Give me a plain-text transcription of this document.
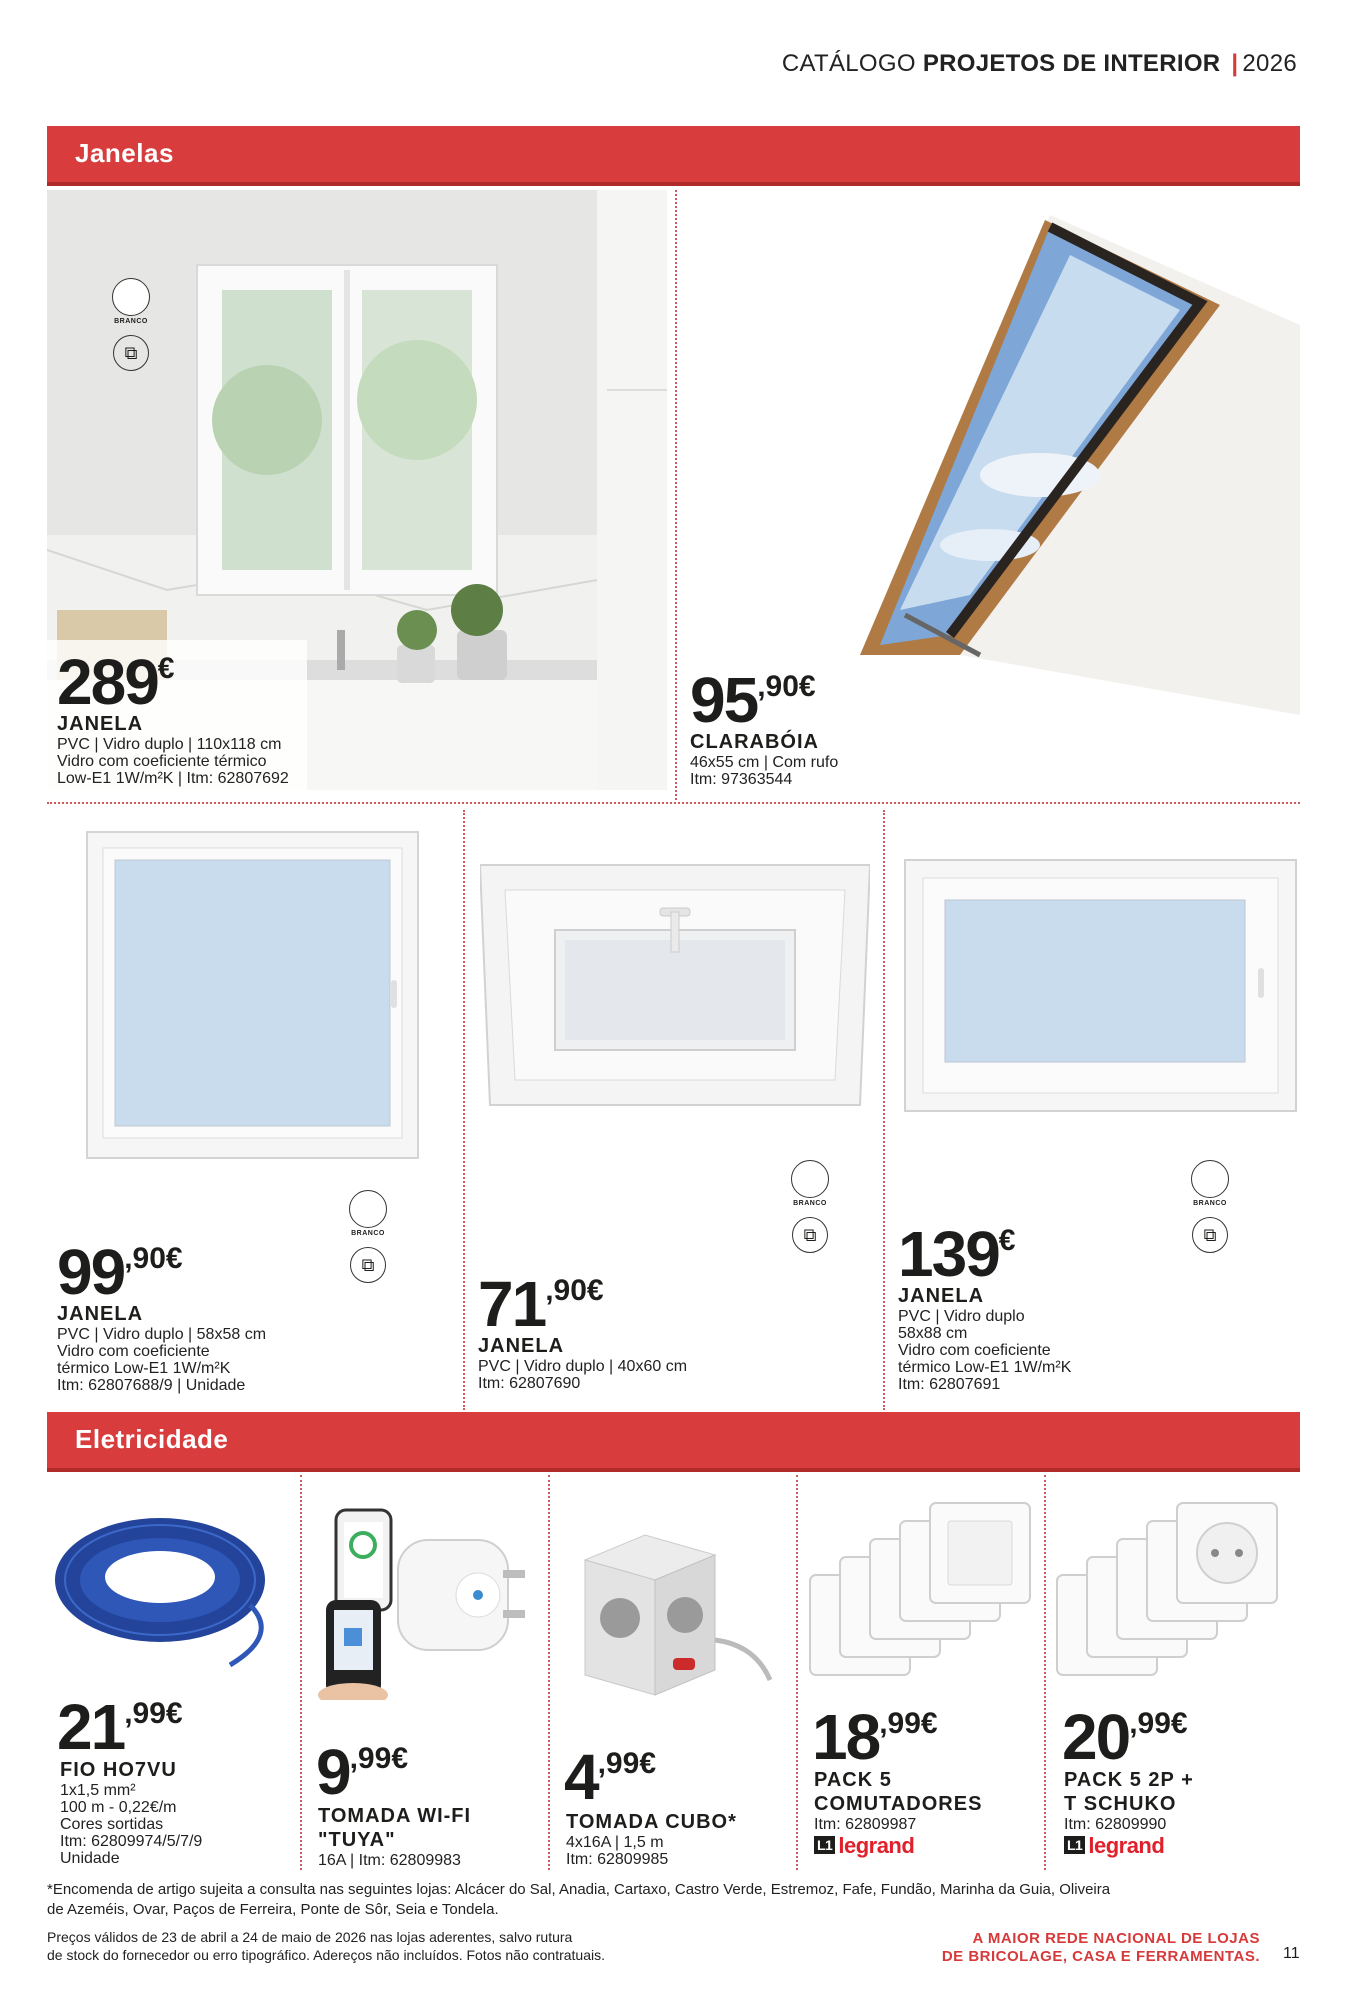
CATÁLOGO PROJETOS DE INTERIOR | 2026
Janelas
BRANCO
⧉
289€
JANELA
PVC | Vidro duplo | 110x118 cm
Vidro com coeficiente térmico
Low-E1 1W/m²K | Itm: 62807692
95,90€
CLARABÓIA
46x55 cm | Com rufo
Itm: 97363544
BRANCO
⧉
99,90€
JANELA
PVC | Vidro duplo | 58x58 cm
Vidro com coeficiente
térmico Low-E1 1W/m²K
Itm: 62807688/9 | Unidade
BRANCO
⧉
71,90€
JANELA
PVC | Vidro duplo | 40x60 cm
Itm: 62807690
BRANCO
⧉
139€
JANELA
PVC | Vidro duplo
58x88 cm
Vidro com coeficiente
térmico Low-E1 1W/m²K
Itm: 62807691
Eletricidade
21,99€
FIO HO7VU
1x1,5 mm²
100 m - 0,22€/m
Cores sortidas
Itm: 62809974/5/7/9
Unidade
9,99€
TOMADA WI-FI
"TUYA"
16A | Itm: 62809983
4,99€
TOMADA CUBO*
4x16A | 1,5 m
Itm: 62809985
18,99€
PACK 5
COMUTADORES
Itm: 62809987
L1 legrand
20,99€
PACK 5 2P +
T SCHUKO
Itm: 62809990
L1 legrand
*Encomenda de artigo sujeita a consulta nas seguintes lojas: Alcácer do Sal, Anadia, Cartaxo, Castro Verde, Estremoz, Fafe, Fundão, Marinha da Guia, Oliveira
de Azeméis, Ovar, Paços de Ferreira, Ponte de Sôr, Seia e Tondela.
Preços válidos de 23 de abril a 24 de maio de 2026 nas lojas aderentes, salvo rutura
de stock do fornecedor ou erro tipográfico. Adereços não incluídos. Fotos não contratuais.
A MAIOR REDE NACIONAL DE LOJAS
DE BRICOLAGE, CASA E FERRAMENTAS. 11
